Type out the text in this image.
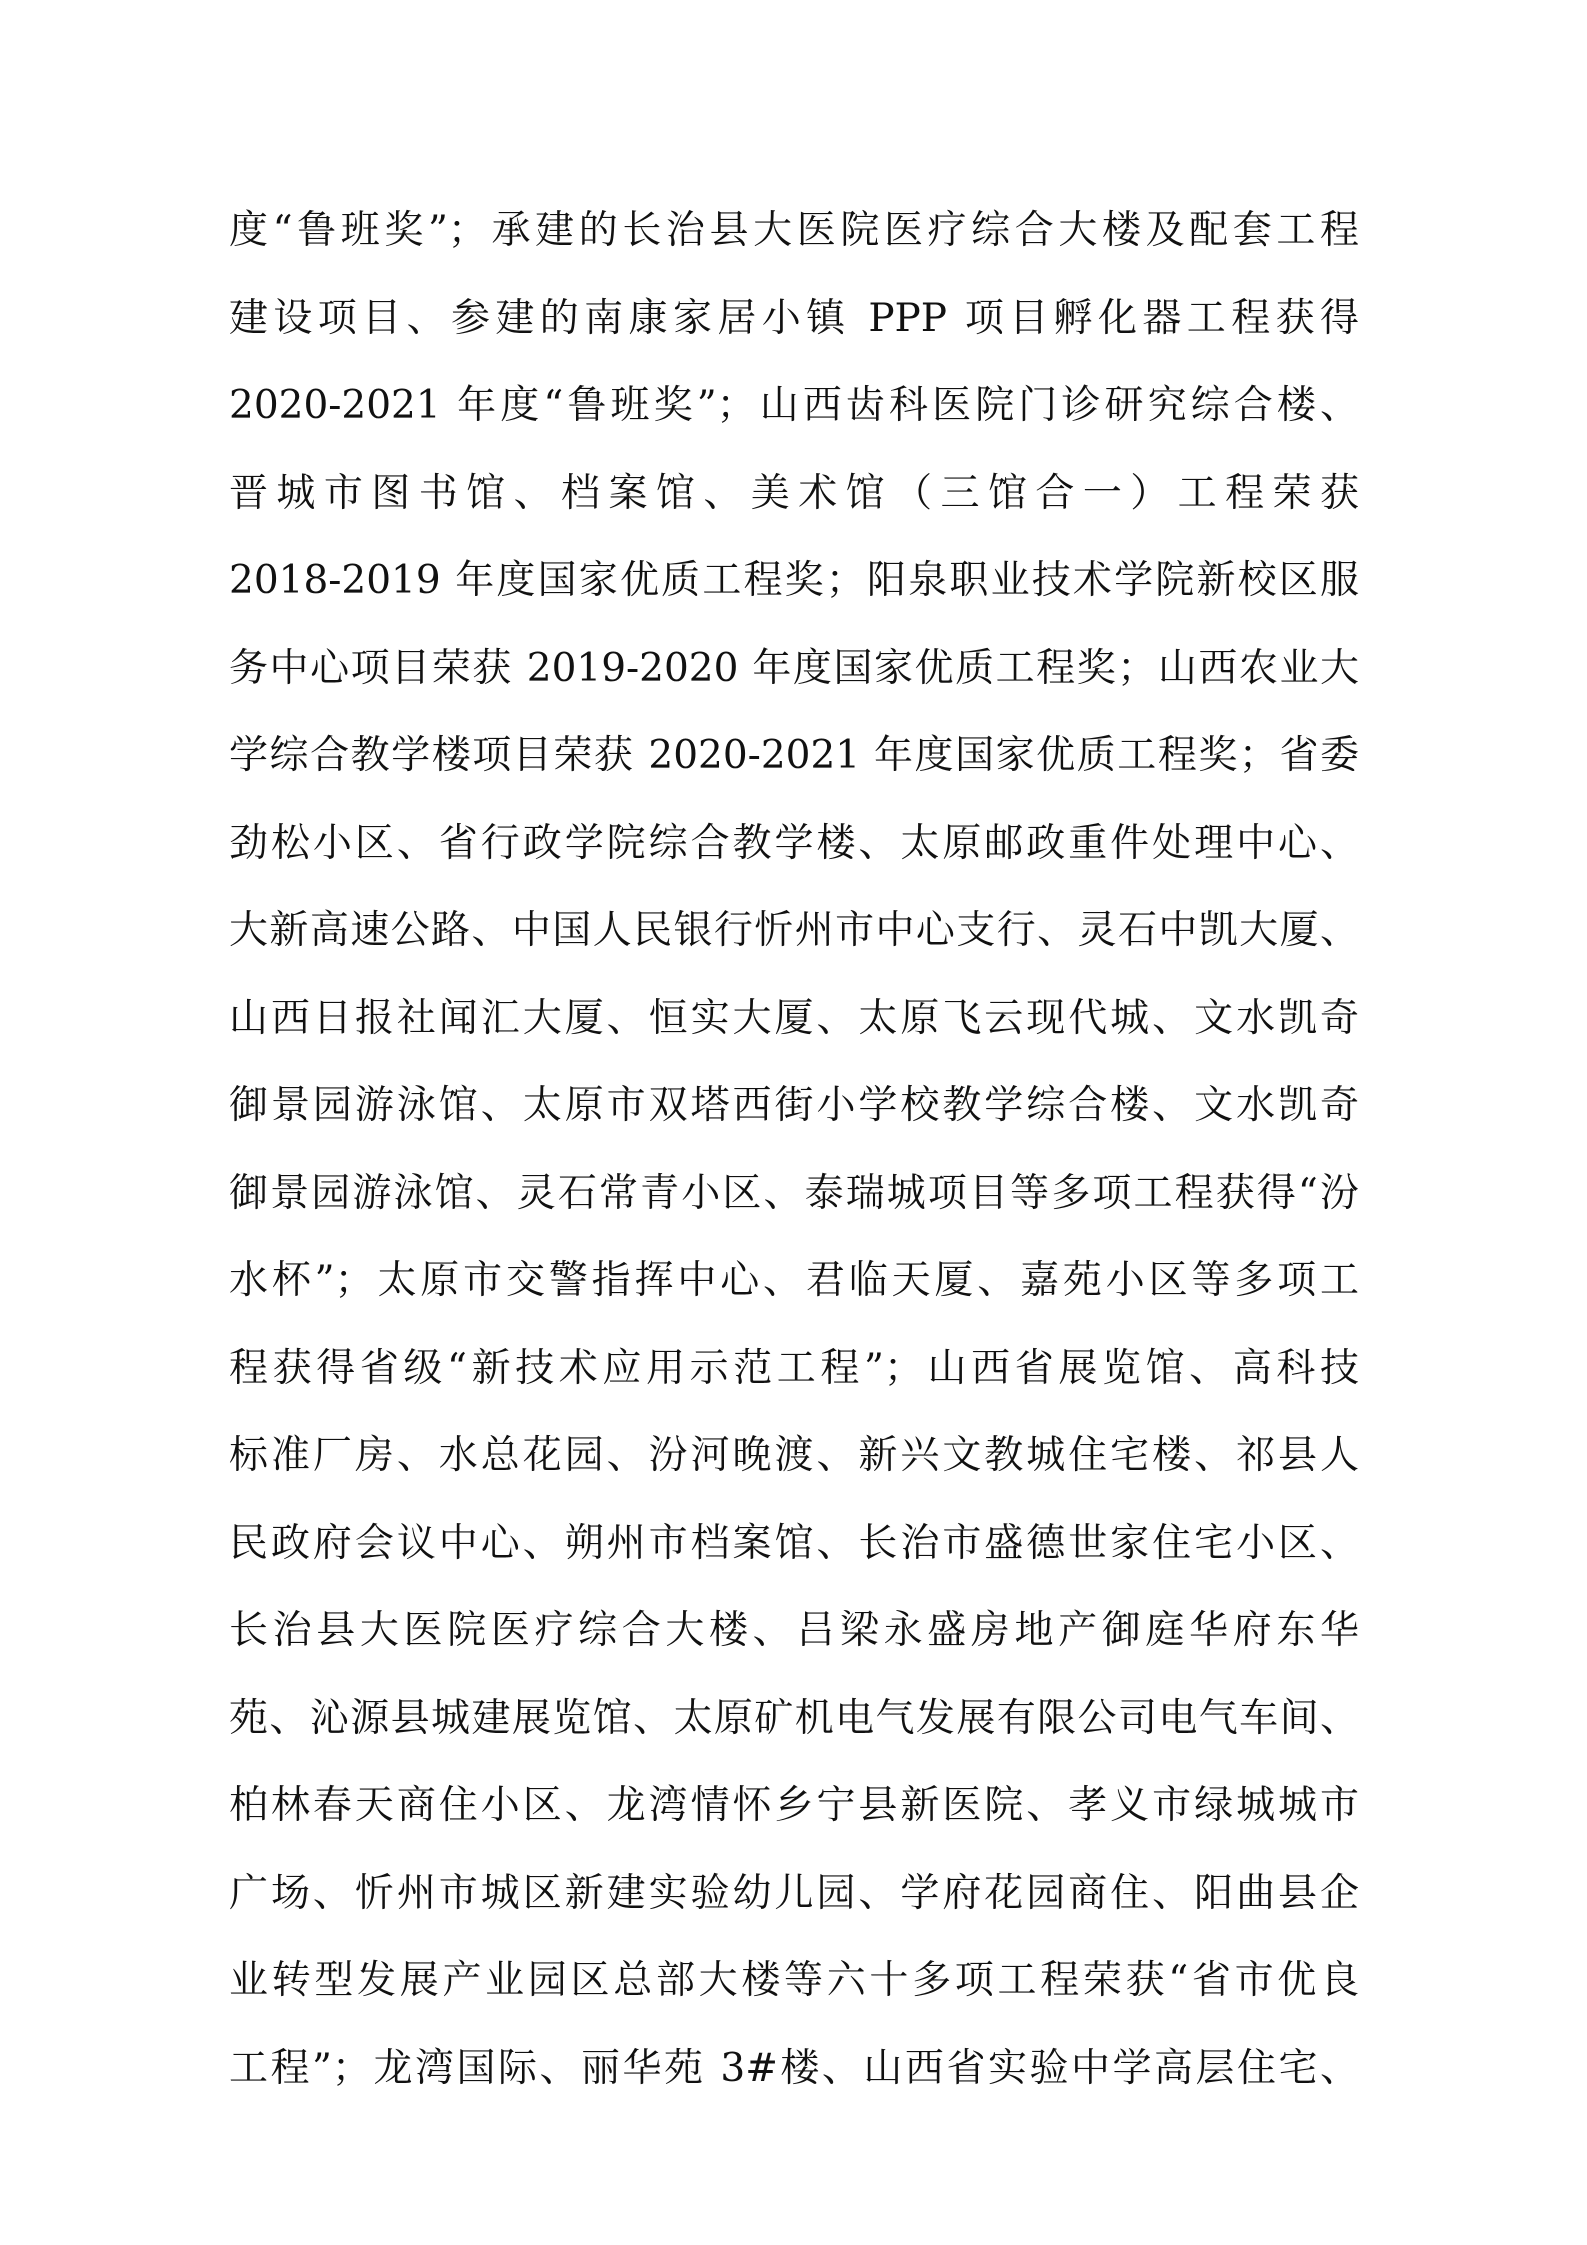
度“鲁班奖”；承建的长治县大医院医疗综合大楼及配套工程
建设项目、参建的南康家居小镇 PPP 项目孵化器工程获得
2020-2021 年度“鲁班奖”；山西齿科医院门诊研究综合楼、
晋城市图书馆、档案馆、美术馆（三馆合一）工程荣获
2018-2019 年度国家优质工程奖；阳泉职业技术学院新校区服
务中心项目荣获 2019-2020 年度国家优质工程奖；山西农业大
学综合教学楼项目荣获 2020-2021 年度国家优质工程奖；省委
劲松小区、省行政学院综合教学楼、太原邮政重件处理中心、
大新高速公路、中国人民银行忻州市中心支行、灵石中凯大厦、
山西日报社闻汇大厦、恒实大厦、太原飞云现代城、文水凯奇
御景园游泳馆、太原市双塔西街小学校教学综合楼、文水凯奇
御景园游泳馆、灵石常青小区、泰瑞城项目等多项工程获得“汾
水杯”；太原市交警指挥中心、君临天厦、嘉苑小区等多项工
程获得省级“新技术应用示范工程”；山西省展览馆、高科技
标准厂房、水总花园、汾河晚渡、新兴文教城住宅楼、祁县人
民政府会议中心、朔州市档案馆、长治市盛德世家住宅小区、
长治县大医院医疗综合大楼、吕梁永盛房地产御庭华府东华
苑、沁源县城建展览馆、太原矿机电气发展有限公司电气车间、
柏林春天商住小区、龙湾情怀乡宁县新医院、孝义市绿城城市
广场、忻州市城区新建实验幼儿园、学府花园商住、阳曲县企
业转型发展产业园区总部大楼等六十多项工程荣获“省市优良
工程”；龙湾国际、丽华苑 3#楼、山西省实验中学高层住宅、
